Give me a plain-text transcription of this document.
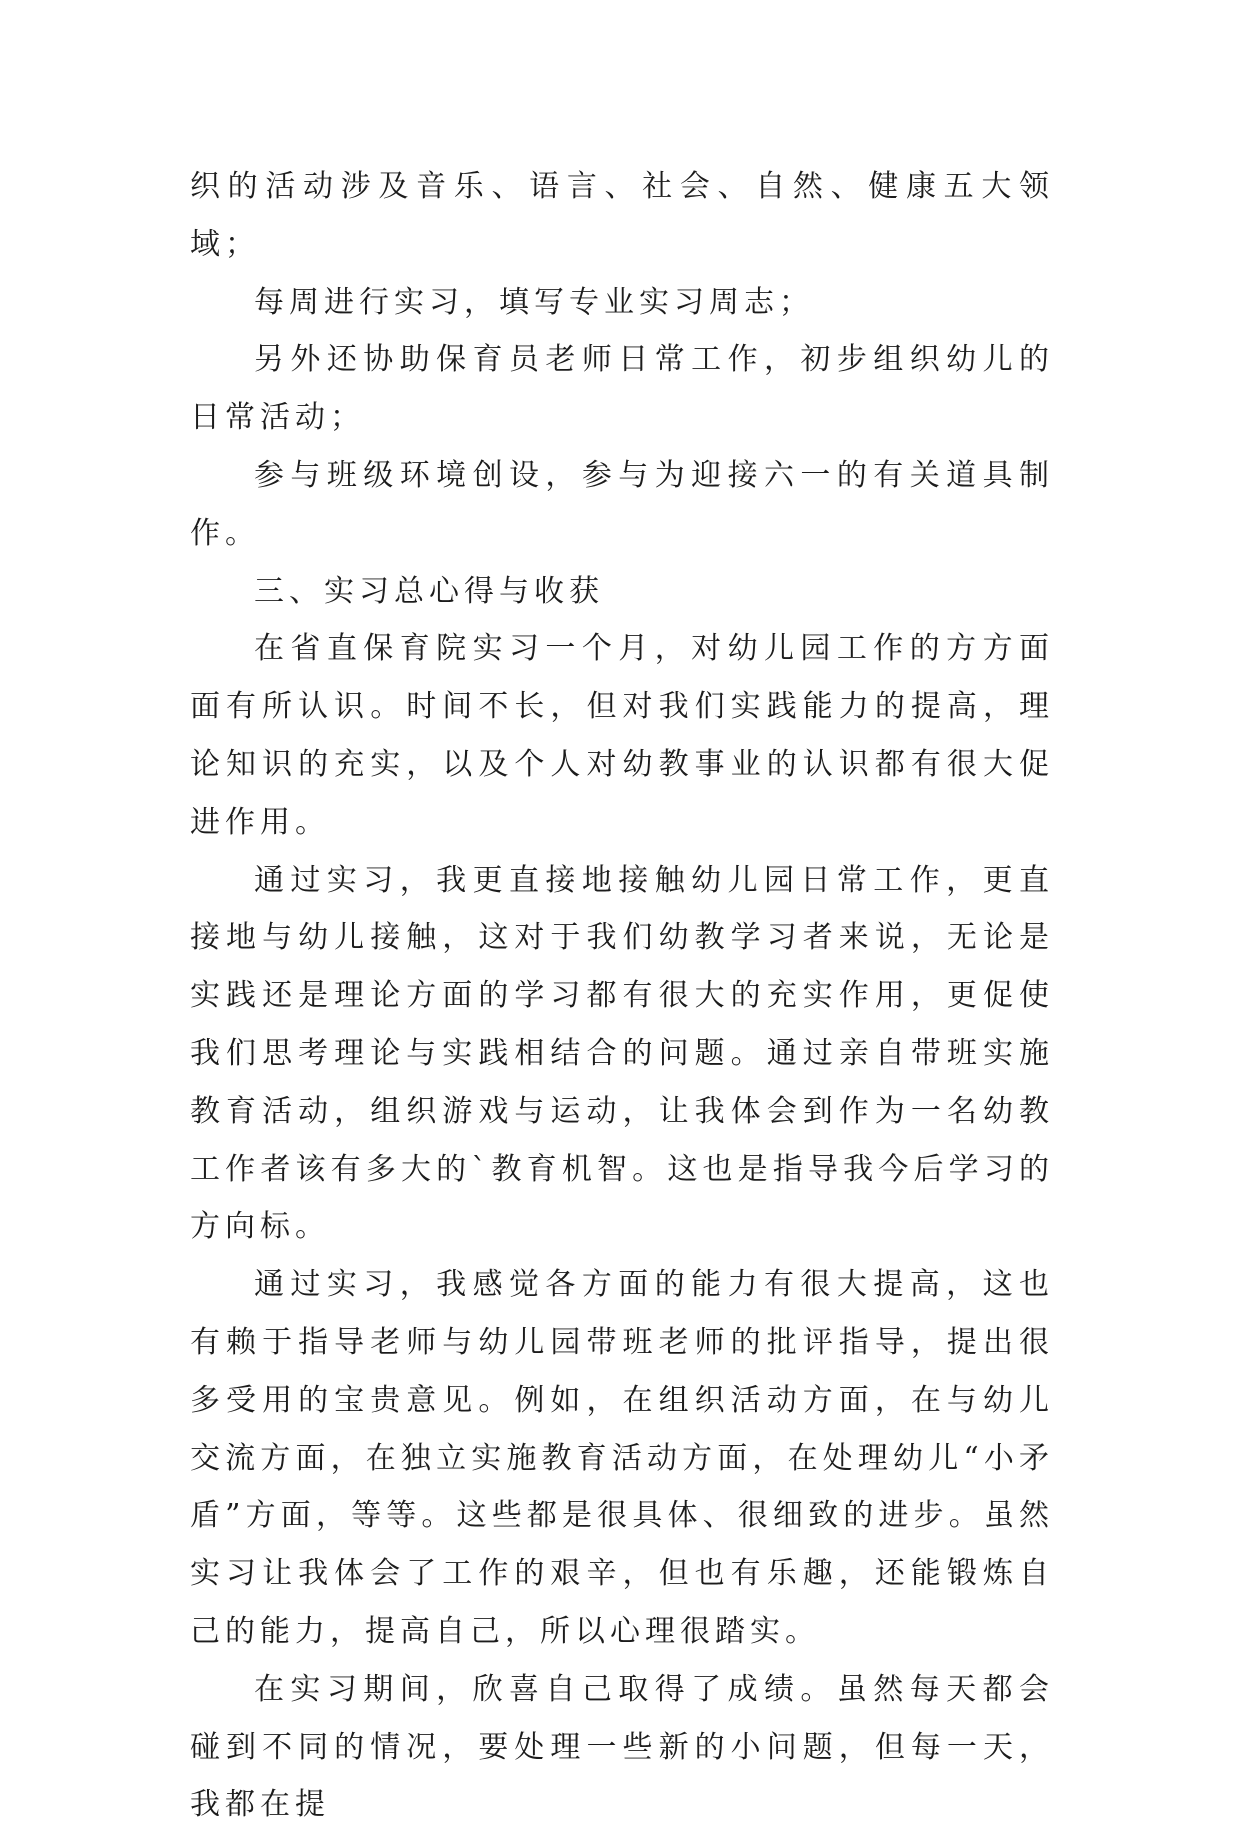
织的活动涉及音乐、语言、社会、自然、健康五大领域；

每周进行实习，填写专业实习周志；

另外还协助保育员老师日常工作，初步组织幼儿的日常活动；

参与班级环境创设，参与为迎接六一的有关道具制作。

三、实习总心得与收获

在省直保育院实习一个月，对幼儿园工作的方方面面有所认识。时间不长，但对我们实践能力的提高，理论知识的充实，以及个人对幼教事业的认识都有很大促进作用。

通过实习，我更直接地接触幼儿园日常工作，更直接地与幼儿接触，这对于我们幼教学习者来说，无论是实践还是理论方面的学习都有很大的充实作用，更促使我们思考理论与实践相结合的问题。通过亲自带班实施教育活动，组织游戏与运动，让我体会到作为一名幼教工作者该有多大的`教育机智。这也是指导我今后学习的方向标。

通过实习，我感觉各方面的能力有很大提高，这也有赖于指导老师与幼儿园带班老师的批评指导，提出很多受用的宝贵意见。例如，在组织活动方面，在与幼儿交流方面，在独立实施教育活动方面，在处理幼儿“小矛盾”方面，等等。这些都是很具体、很细致的进步。虽然实习让我体会了工作的艰辛，但也有乐趣，还能锻炼自己的能力，提高自己，所以心理很踏实。

在实习期间，欣喜自己取得了成绩。虽然每天都会碰到不同的情况，要处理一些新的小问题，但每一天，我都在提
